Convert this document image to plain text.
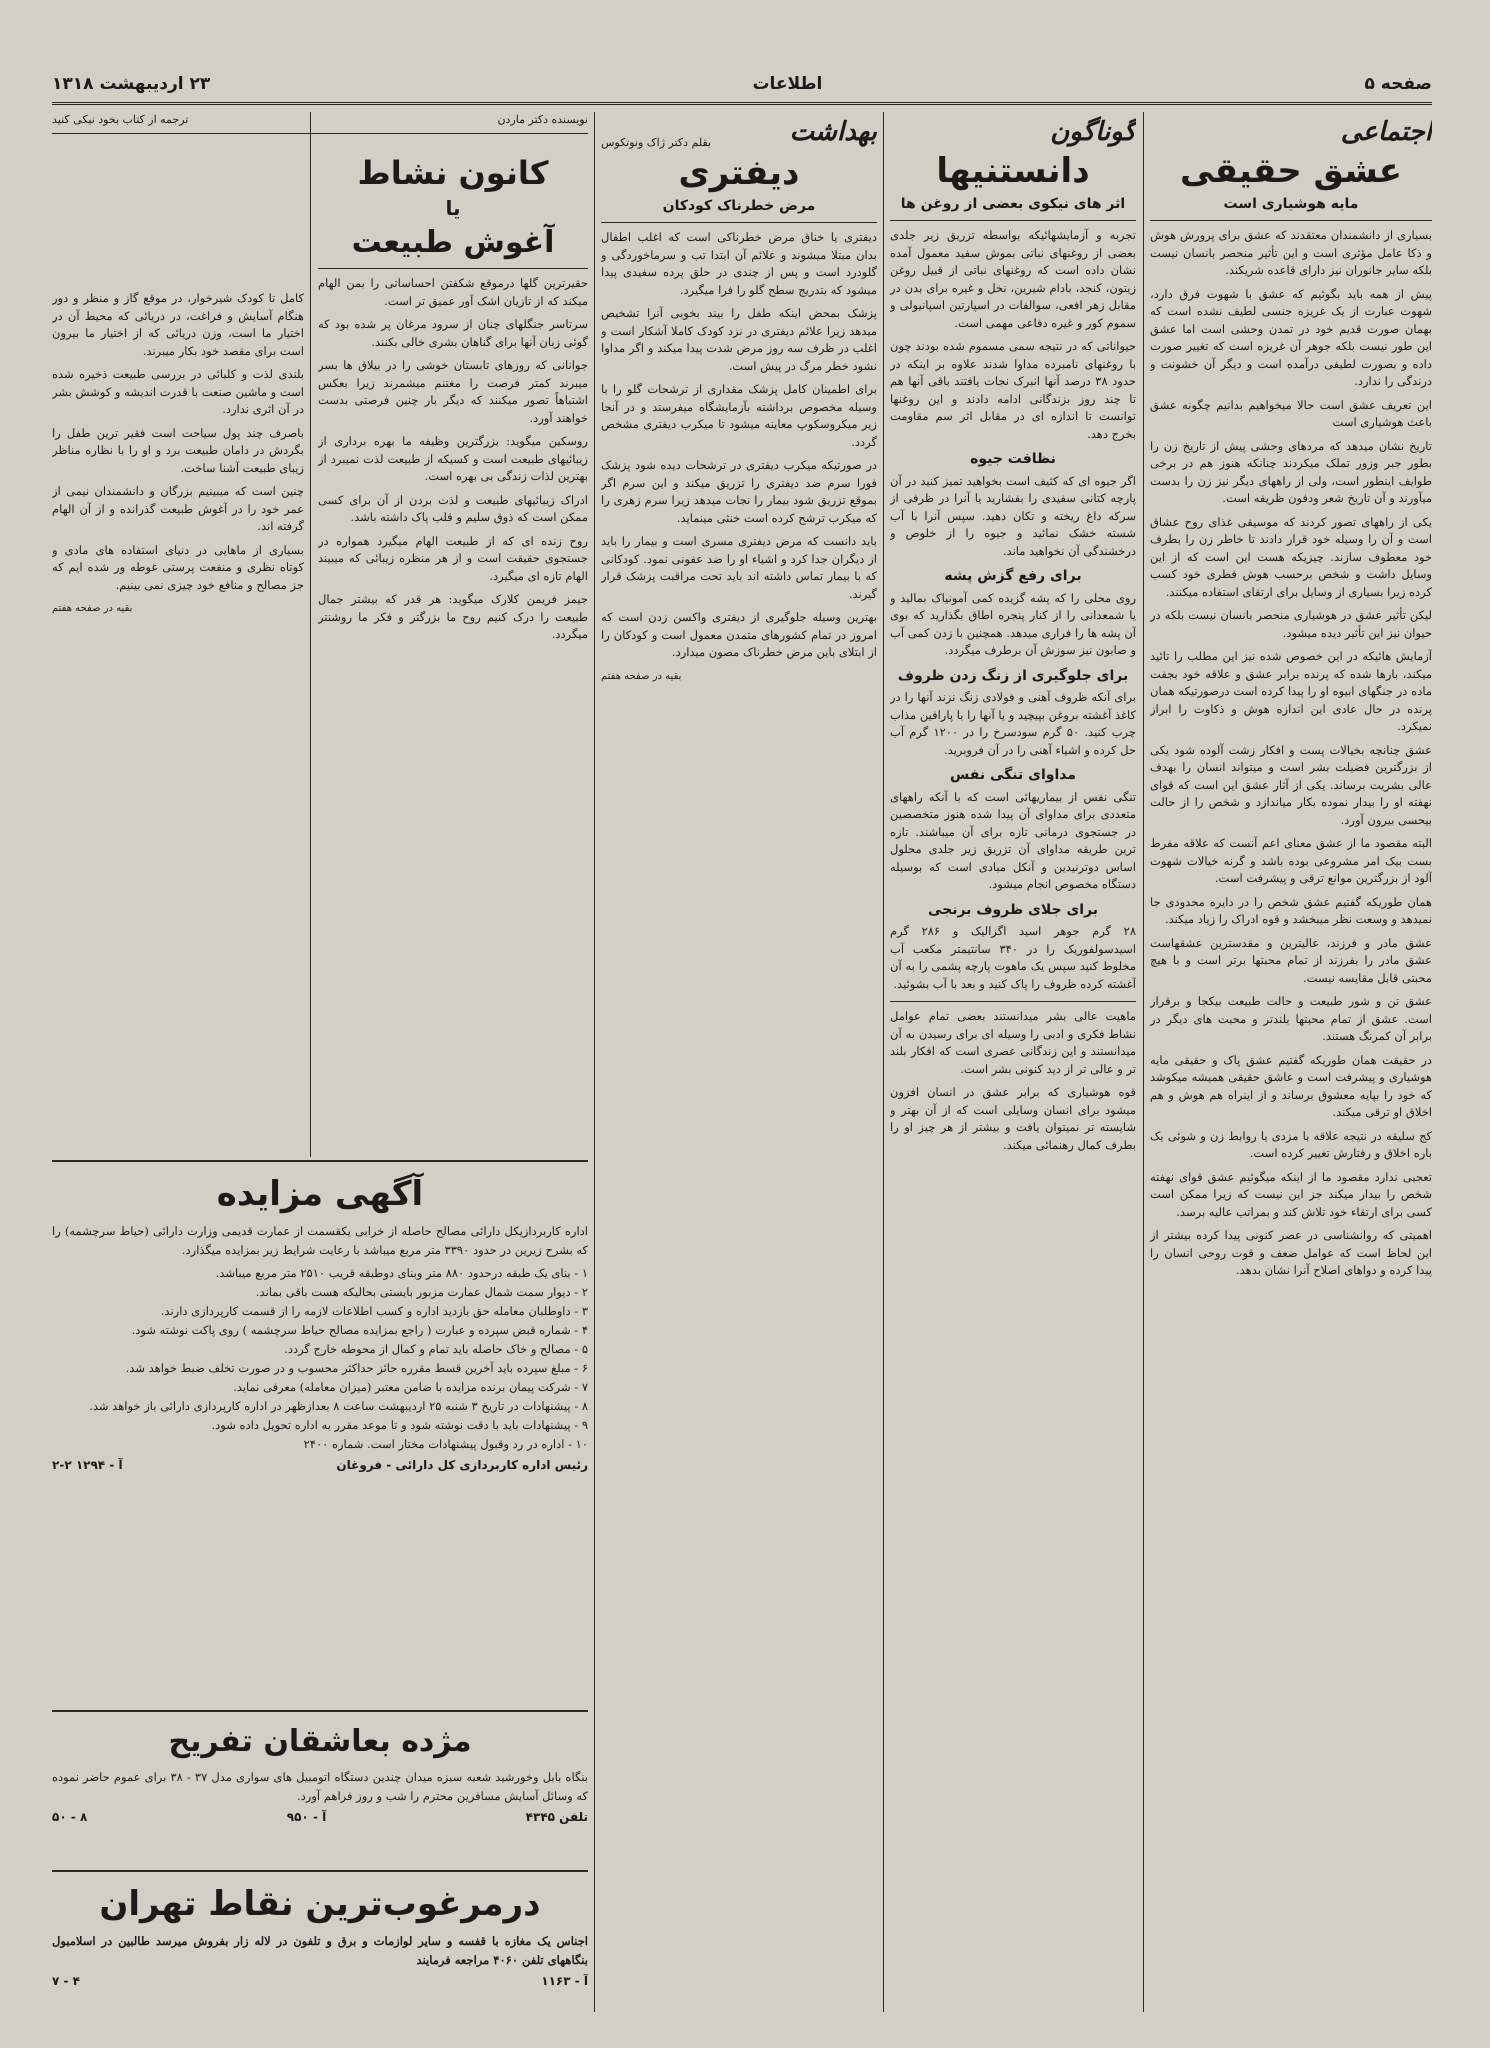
صفحه ۵
اطلاعات
۲۳ اردیبهشت ۱۳۱۸
اجتماعی
عشق حقیقی
مایه هوشیاری است

بسیاری از دانشمندان معتقدند که عشق برای پرورش هوش و ذکا عامل مؤثری است و این تأثیر منحصر بانسان نیست بلکه سایر جانوران نیز دارای قاعده شریکند.

پیش از همه باید بگوئیم که عشق با شهوت فرق دارد، شهوت عبارت از یک غریزه جنسی لطیف نشده است که بهمان صورت قدیم خود در تمدن وحشی است اما عشق این طور نیست بلکه جوهر آن غریزه است که تغییر صورت داده و بصورت لطیفی درآمده است و دیگر آن خشونت و درندگی را ندارد.

این تعریف عشق است حالا میخواهیم بدانیم چگونه عشق باعث هوشیاری است

تاریخ نشان میدهد که مردهای وحشی پیش از تاریخ زن را بطور جبر وزور تملک میکردند چنانکه هنوز هم در برخی طوایف اینطور است، ولی از راههای دیگر نیز زن را بدست میآورند و آن تاریخ شعر ودفون ظریفه است.

یکی از راههای تصور کردند که موسیقی غذای روح عشاق است و آن را وسیله خود قرار دادند تا خاطر زن را بطرف خود معطوف سازند. چیزیکه هست این است که از این وسایل داشت و شخص برحسب هوش فطری خود کسب کرده زیرا بسیاری از وسایل برای ارتقای استفاده میکنند.

لیکن تأثیر عشق در هوشیاری منحصر بانسان نیست بلکه در حیوان نیز این تأثیر دیده میشود.

آزمایش هائیکه در این خصوص شده نیز این مطلب را تائید میکند، بارها شده که پرنده برابر عشق و علاقه خود بجفت ماده در جنگهای ابیوه او را پیدا کرده است درصورتیکه همان پرنده در حال عادی این اندازه هوش و ذکاوت را ابراز نمیکرد.

عشق چنانچه بخیالات پست و افکار زشت آلوده شود یکی از بزرگترین فضیلت بشر است و میتواند انسان را بهدف عالی بشریت برساند. یکی از آثار عشق این است که قوای نهفته او را بیدار نموده بکار میاندازد و شخص را از حالت بیحسی بیرون آورد.

البته مقصود ما از عشق معنای اعم آنست که علاقه مفرط بست بیک امر مشروعی بوده باشد و گرنه خیالات شهوت آلود از بزرگترین موانع ترقی و پیشرفت است.

همان طوریکه گفتیم عشق شخص را در دایره محدودی جا نمیدهد و وسعت نظر میبخشد و قوه ادراک را زیاد میکند.

عشق مادر و فرزند، عالیترین و مقدسترین عشقهاست عشق مادر را بفرزند از تمام محبتها برتر است و با هیچ محبتی قابل مقایسه نیست.

عشق تن و شور طبیعت و حالت طبیعت بیکجا و برقرار است. عشق از تمام محبتها بلندتر و محبت های دیگر در برابر آن کمرنگ هستند.

در حقیقت همان طوریکه گفتیم عشق پاک و حقیقی مایه هوشیاری و پیشرفت است و عاشق حقیقی همیشه میکوشد که خود را بپایه معشوق برساند و از اینراه هم هوش و هم اخلاق او ترقی میکند.

کج سلیقه در نتیجه علاقه با مزدی یا روابط زن و شوئی یک باره اخلاق و رفتارش تغییر کرده است.

تعجبی ندارد مقصود ما از اینکه میگوئیم عشق قوای نهفته شخص را بیدار میکند جز این نیست که زیرا ممکن است کسی برای ارتقاء خود تلاش کند و بمراتب عالیه برسد.

اهمیتی که روانشناسی در عصر کنونی پیدا کرده بیشتر از این لحاظ است که عوامل ضعف و قوت روحی انسان را پیدا کرده و دواهای اصلاح آنرا نشان بدهد.

گوناگون
دانستنیها
اثر های نیکوی بعضی از روغن ها

تجربه و آزمایشهائیکه بواسطه تزریق زیر جلدی بعضی از روغنهای نباتی بموش سفید معمول آمده نشان داده است که روغنهای نباتی از قبیل روغن زیتون، کنجد، بادام شیرین، نخل و غیره برای بدن در مقابل زهر افعی، سوالفات در اسپارتین اسپانیولی و سموم کور و غیره دفاعی مهمی است.

حیواناتی که در نتیجه سمی مسموم شده بودند چون با روغنهای نامبرده مداوا شدند علاوه بر اینکه در حدود ۳۸ درصد آنها انبرک نجات یافتند باقی آنها هم تا چند روز بزندگانی ادامه دادند و این روغنها توانست تا اندازه ای در مقابل اثر سم مقاومت بخرج دهد.

نظافت جیوه

اگر جیوه ای که کثیف است بخواهید تمیز کنید در آن پارچه کتانی سفیدی را بفشارید یا آنرا در ظرفی از سرکه داغ ریخته و تکان دهید. سپس آنرا با آب شسته خشک نمائید و جیوه را از خلوص و درخشندگی آن نخواهید ماند.

برای رفع گزش پشه

روی محلی را که پشه گزیده کمی آمونیاک بمالید و یا شمعدانی را از کنار پنجره اطاق بگذارید که بوی آن پشه ها را فراری میدهد. همچنین با زدن کمی آب و صابون نیز سوزش آن برطرف میگردد.

برای جلوگیری از زنگ زدن ظروف

برای آنکه ظروف آهنی و فولادی زنگ نزند آنها را در کاغذ آغشته بروغن بپیچید و یا آنها را با پارافین مذاب چرب کنید. ۵۰ گرم سودسرخ را در ۱۲۰۰ گرم آب حل کرده و اشیاء آهنی را در آن فروبرید.

مداوای تنگی نفس

تنگی نفس از بیماریهائی است که با آنکه راههای متعددی برای مداوای آن پیدا شده هنوز متخصصین در جستجوی درمانی تازه برای آن میباشند. تازه ترین طریقه مداوای آن تزریق زیر جلدی محلول اساس دوترنیدین و آنکل مبادی است که بوسیله دستگاه مخصوص انجام میشود.

برای جلای ظروف برنجی

۲۸ گرم جوهر اسید اگزالیک و ۲۸۶ گرم اسیدسولفوریک را در ۳۴۰ سانتیمتر مکعب آب مخلوط کنید سپس یک ماهوت پارچه پشمی را به آن آغشته کرده ظروف را پاک کنید و بعد با آب بشوئید.

ماهیت عالی بشر میدانستند بعضی تمام عوامل نشاط فکری و ادبی را وسیله ای برای رسیدن به آن میدانستند و این زندگانی عصری است که افکار بلند تر و عالی تر از دید کنونی بشر است.

قوه هوشیاری که برابر عشق در انسان افزون میشود برای انسان وسایلی است که از آن بهتر و شایسته تر نمیتوان یافت و بیشتر از هر چیز او را بطرف کمال رهنمائی میکند.

بهداشت
بقلم دکتر ژاک ونوتکوس
دیفتری
مرض خطرناک کودکان

دیفتری یا خناق مرض خطرناکی است که اغلب اطفال بدان مبتلا میشوند و علائم آن ابتدا تب و سرماخوردگی و گلودرد است و پس از چندی در حلق پرده سفیدی پیدا میشود که بتدریج سطح گلو را فرا میگیرد.

پزشک بمحض اینکه طفل را بیند بخوبی آنرا تشخیص میدهد زیرا علائم دیفتری در نزد کودک کاملا آشکار است و اغلب در ظرف سه روز مرض شدت پیدا میکند و اگر مداوا نشود خطر مرگ در پیش است.

برای اطمینان کامل پزشک مقداری از ترشحات گلو را با وسیله مخصوص برداشته بآزمایشگاه میفرستد و در آنجا زیر میکروسکوپ معاینه میشود تا میکرب دیفتری مشخص گردد.

در صورتیکه میکرب دیفتری در ترشحات دیده شود پزشک فورا سرم ضد دیفتری را تزریق میکند و این سرم اگر بموقع تزریق شود بیمار را نجات میدهد زیرا سرم زهری را که میکرب ترشح کرده است خنثی مینماید.

باید دانست که مرض دیفتری مسری است و بیمار را باید از دیگران جدا کرد و اشیاء او را ضد عفونی نمود. کودکانی که با بیمار تماس داشته اند باید تحت مراقبت پزشک قرار گیرند.

بهترین وسیله جلوگیری از دیفتری واکسن زدن است که امروز در تمام کشورهای متمدن معمول است و کودکان را از ابتلای باین مرض خطرناک مصون میدارد.

بقیه در صفحه هفتم
نویسنده دکتر ماردن
ترجمه از کتاب بخود نیکی کنید
کانون نشاط
یا
آغوش طبیعت

حقیرترین گلها درموقع شکفتن احساساتی را بمن الهام میکند که از تازیان اشک آور عمیق تر است.

سرتاسر جنگلهای چنان از سرود مرغان پر شده بود که گوئی زبان آنها برای گناهان بشری خالی بکنند.

جوانانی که روزهای تابستان خوشی را در بیلاق ها بسر میبرند کمتر فرصت را مغتنم میشمرند زیرا بعکس اشتباهاً تصور میکنند که دیگر بار چنین فرصتی بدست خواهند آورد.

روسکین میگوید: بزرگترین وظیفه ما بهره برداری از زیبائیهای طبیعت است و کسیکه از طبیعت لذت نمیبرد از بهترین لذات زندگی بی بهره است.

ادراک زیبائیهای طبیعت و لذت بردن از آن برای کسی ممکن است که ذوق سلیم و قلب پاک داشته باشد.

روح زنده ای که از طبیعت الهام میگیرد همواره در جستجوی حقیقت است و از هر منظره زیبائی که میبیند الهام تازه ای میگیرد.

جیمز فریمن کلارک میگوید: هر قدر که بیشتر جمال طبیعت را درک کنیم روح ما بزرگتر و فکر ما روشنتر میگردد.

کامل تا کودک شیرخوار، در موقع گاز و منظر و دور هنگام آسایش و فراغت، در دریائی که محیط آن در اختیار ما است، وزن دریائی که از اختیار ما بیرون است برای مقصد خود بکار میبرند.

بلندی لذت و کلبائی در بررسی طبیعت ذخیره شده است و ماشین صنعت با قدرت اندیشه و کوشش بشر در آن اثری ندارد.

باصرف چند پول سیاحت است فقیر ترین طفل را بگردش در دامان طبیعت برد و او را با نظاره مناظر زیبای طبیعت آشنا ساخت.

چنین است که میبینیم بزرگان و دانشمندان نیمی از عمر خود را در آغوش طبیعت گذرانده و از آن الهام گرفته اند.

بسیاری از ماهایی در دنیای استفاده های مادی و کوتاه نظری و منفعت پرستی غوطه ور شده ایم که جز مصالح و منافع خود چیزی نمی بینیم.

بقیه در صفحه هفتم
آگهی مزایده

اداره کاربردازیکل دارائی مصالح حاصله از خرابی یکقسمت از عمارت قدیمی وزارت دارائی (حیاط سرچشمه) را که بشرح زیرین در حدود ۳۳۹۰ متر مربع میباشد با رعایت شرایط زیر بمزایده میگذارد.

۱ - بنای یک طبقه درحدود ۸۸۰ متر وبنای دوطبقه قریب ۲۵۱۰ متر مربع میباشد.

۲ - دیوار سمت شمال عمارت مزبور بایستی بحالیکه هست باقی بماند.

۳ - داوطلبان معامله حق بازدید اداره و کسب اطلاعات لازمه را از قسمت کارپردازی دارند.

۴ - شماره قبض سپرده و عبارت ( راجع بمزایده مصالح حیاط سرچشمه ) روی پاکت نوشته شود.

۵ - مصالح و خاک حاصله باید تمام و کمال از محوطه خارج گردد.

۶ - مبلغ سپرده باید آخرین قسط مقرره حائز حداکثر محسوب و در صورت تخلف ضبط خواهد شد.

۷ - شرکت پیمان برنده مزایده با ضامن معتبر (میزان معامله) معرفی نماید.

۸ - پیشنهادات در تاریخ ۳ شنبه ۲۵ اردیبهشت ساعت ۸ بعدازظهر در اداره کارپردازی دارائی باز خواهد شد.

۹ - پیشنهادات باید با دقت نوشته شود و تا موعد مقرر به اداره تحویل داده شود.

۱۰ - اداره در رد وقبول پیشنهادات مختار است. شماره ۲۴۰۰

رئیس اداره کاربردازی کل دارائی - فروغان
آ - ۱۲۹۴ ۲-۲
مژده بعاشقان تفریح

بنگاه بابل وخورشید شعبه سبزه میدان چندین دستگاه اتومبیل های سواری مدل ۳۷ - ۳۸ برای عموم حاضر نموده که وسائل آسایش مسافرین محترم را شب و روز فراهم آورد.

تلفن ۴۳۴۵
آ - ۹۵۰
۸ - ۵۰
درمرغوب‌ترین نقاط تهران

اجناس یک مغازه با قفسه و سایر لوازمات و برق و تلفون در لاله زار بفروش میرسد طالبین در اسلامبول بنگاههای تلفن ۴۰۶۰ مراجعه فرمایند

آ - ۱۱۶۳
۴ - ۷
